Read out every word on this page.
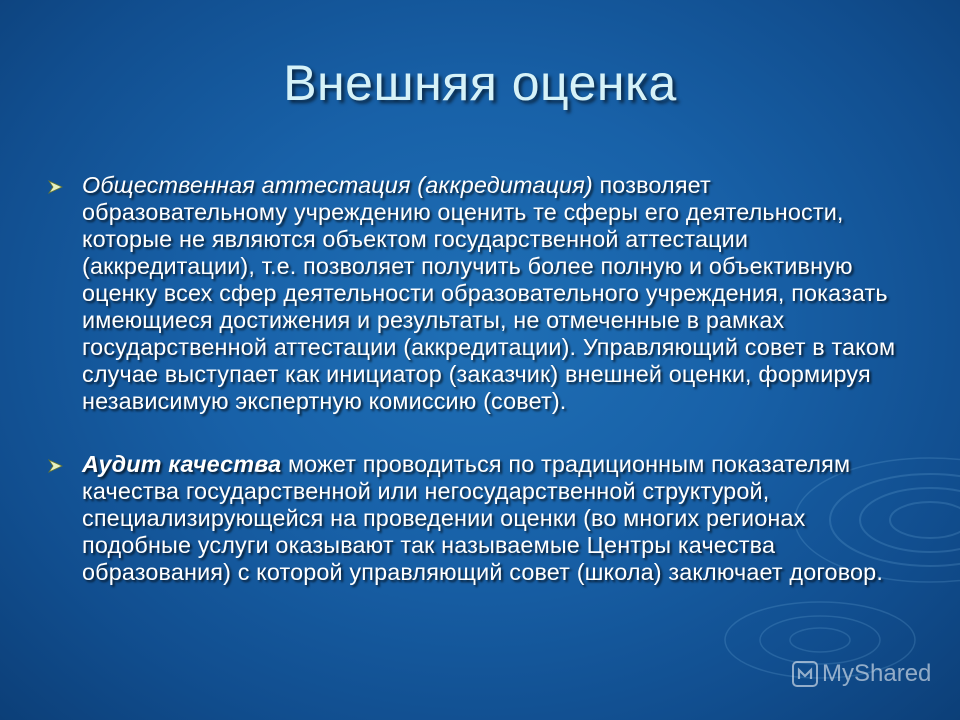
Внешняя оценка
Общественная аттестация (аккредитация) позволяет образовательному учреждению оценить те сферы его деятельности, которые не являются объектом государственной аттестации (аккредитации), т.е. позволяет получить более полную и объективную оценку всех сфер деятельности образовательного учреждения, показать имеющиеся достижения и результаты, не отмеченные в рамках государственной аттестации (аккредитации). Управляющий совет в таком случае выступает как инициатор (заказчик) внешней оценки, формируя независимую экспертную комиссию (совет).
Аудит качества может проводиться по традиционным показателям качества государственной или негосударственной структурой, специализирующейся на проведении оценки (во многих регионах подобные услуги оказывают так называемые Центры качества образования) с которой управляющий совет (школа) заключает договор.
MyShared
